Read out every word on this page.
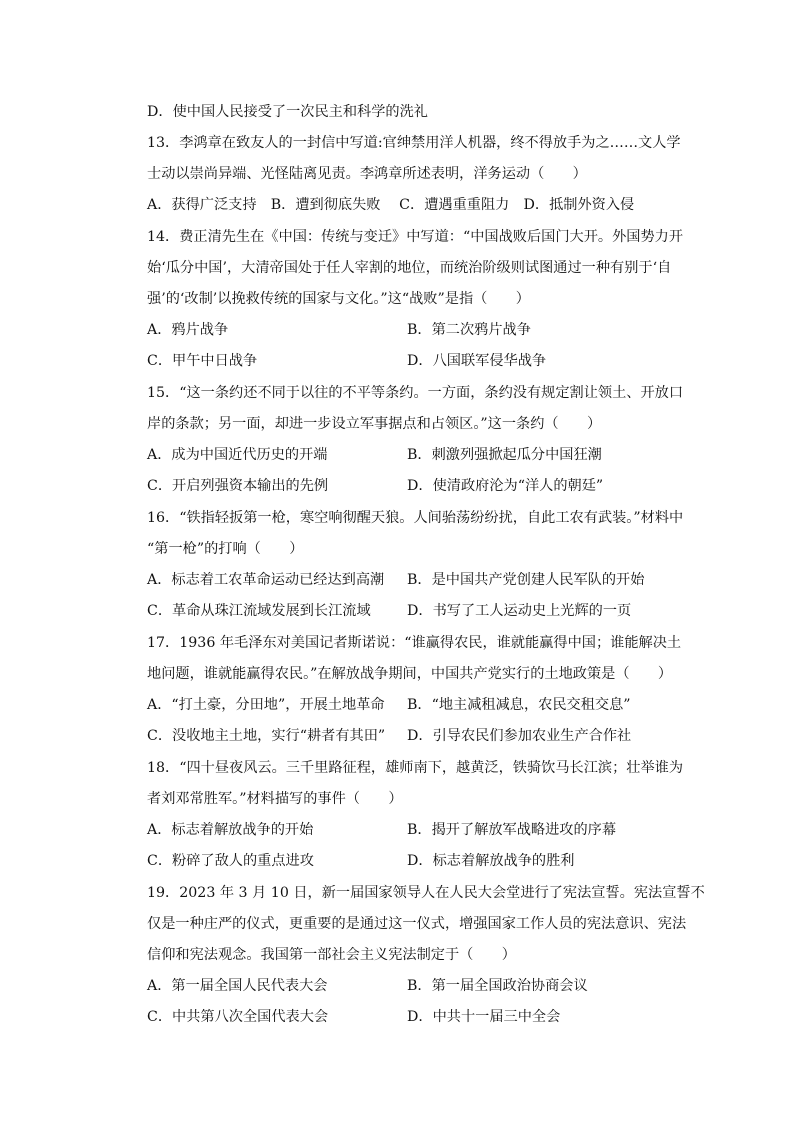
D．使中国人民接受了一次民主和科学的洗礼
13．李鸿章在致友人的一封信中写道:官绅禁用洋人机器，终不得放手为之……文人学
士动以崇尚异端、光怪陆离见责。李鸿章所述表明，洋务运动（　　）
A．获得广泛支持　B．遭到彻底失败　 C．遭遇重重阻力　D．抵制外资入侵
14．费正清先生在《中国：传统与变迁》中写道：“中国战败后国门大开。外国势力开
始‘瓜分中国’，大清帝国处于任人宰割的地位，而统治阶级则试图通过一种有别于‘自
强’的‘改制’以挽救传统的国家与文化。”这“战败”是指（　　）
A．鸦片战争	B．第二次鸦片战争
C．甲午中日战争	D．八国联军侵华战争
15．“这一条约还不同于以往的不平等条约。一方面，条约没有规定割让领土、开放口
岸的条款；另一面，却进一步设立军事据点和占领区。”这一条约（　　）
A．成为中国近代历史的开端	B．刺激列强掀起瓜分中国狂潮
C．开启列强资本输出的先例	D．使清政府沦为“洋人的朝廷”
16．“铁指轻扳第一枪，寒空响彻醒天狼。人间骀荡纷纷扰，自此工农有武装。”材料中
“第一枪”的打响（　　）
A．标志着工农革命运动已经达到高潮 B．是中国共产党创建人民军队的开始
C．革命从珠江流域发展到长江流域	D．书写了工人运动史上光辉的一页
17．1936 年毛泽东对美国记者斯诺说：“谁赢得农民，谁就能赢得中国；谁能解决土
地问题，谁就能赢得农民。”在解放战争期间，中国共产党实行的土地政策是（　　）
A．“打土豪，分田地”，开展土地革命 B．“地主减租减息，农民交租交息”
C．没收地主土地，实行“耕者有其田” D．引导农民们参加农业生产合作社
18．“四十昼夜风云。三千里路征程，雄师南下，越黄泛，铁骑饮马长江滨；壮举谁为
者刘邓常胜军。”材料描写的事件（　　）
A．标志着解放战争的开始	B．揭开了解放军战略进攻的序幕
C．粉碎了敌人的重点进攻	D．标志着解放战争的胜利
19．2023 年 3 月 10 日，新一届国家领导人在人民大会堂进行了宪法宣誓。宪法宣誓不
仅是一种庄严的仪式，更重要的是通过这一仪式，增强国家工作人员的宪法意识、宪法
信仰和宪法观念。我国第一部社会主义宪法制定于（　　）
A．第一届全国人民代表大会	B．第一届全国政治协商会议
C．中共第八次全国代表大会	D．中共十一届三中全会
